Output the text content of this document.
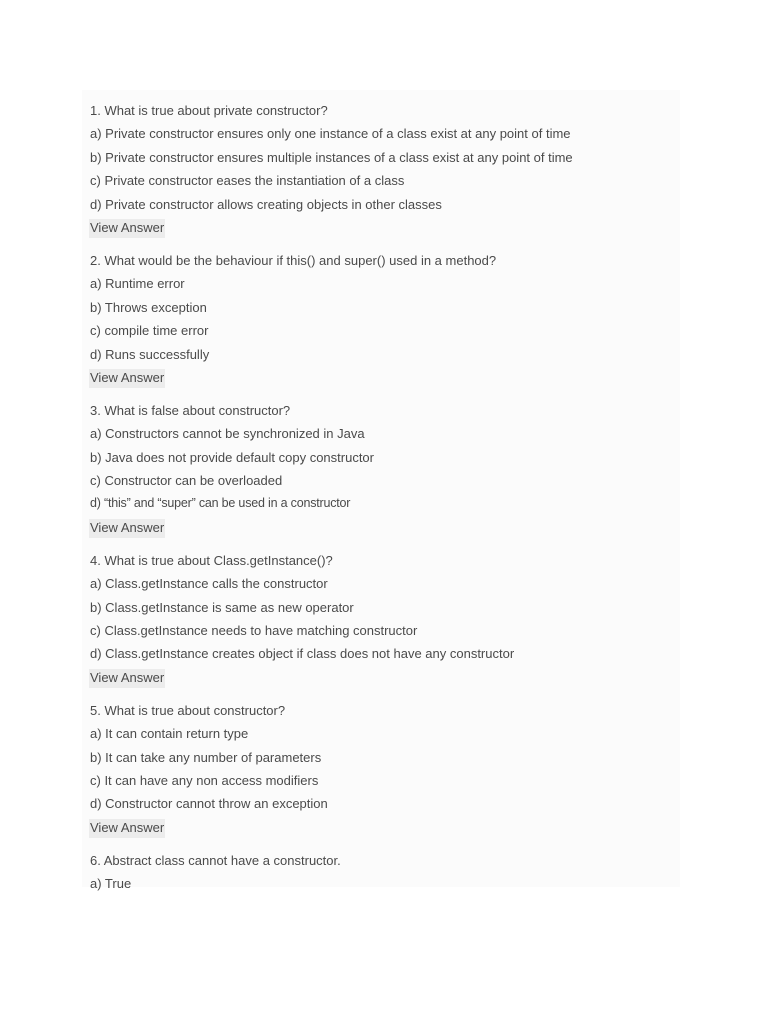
1. What is true about private constructor?
a) Private constructor ensures only one instance of a class exist at any point of time
b) Private constructor ensures multiple instances of a class exist at any point of time
c) Private constructor eases the instantiation of a class
d) Private constructor allows creating objects in other classes
View Answer
2. What would be the behaviour if this() and super() used in a method?
a) Runtime error
b) Throws exception
c) compile time error
d) Runs successfully
View Answer
3. What is false about constructor?
a) Constructors cannot be synchronized in Java
b) Java does not provide default copy constructor
c) Constructor can be overloaded
d) “this” and “super” can be used in a constructor
View Answer
4. What is true about Class.getInstance()?
a) Class.getInstance calls the constructor
b) Class.getInstance is same as new operator
c) Class.getInstance needs to have matching constructor
d) Class.getInstance creates object if class does not have any constructor
View Answer
5. What is true about constructor?
a) It can contain return type
b) It can take any number of parameters
c) It can have any non access modifiers
d) Constructor cannot throw an exception
View Answer
6. Abstract class cannot have a constructor.
a) True
